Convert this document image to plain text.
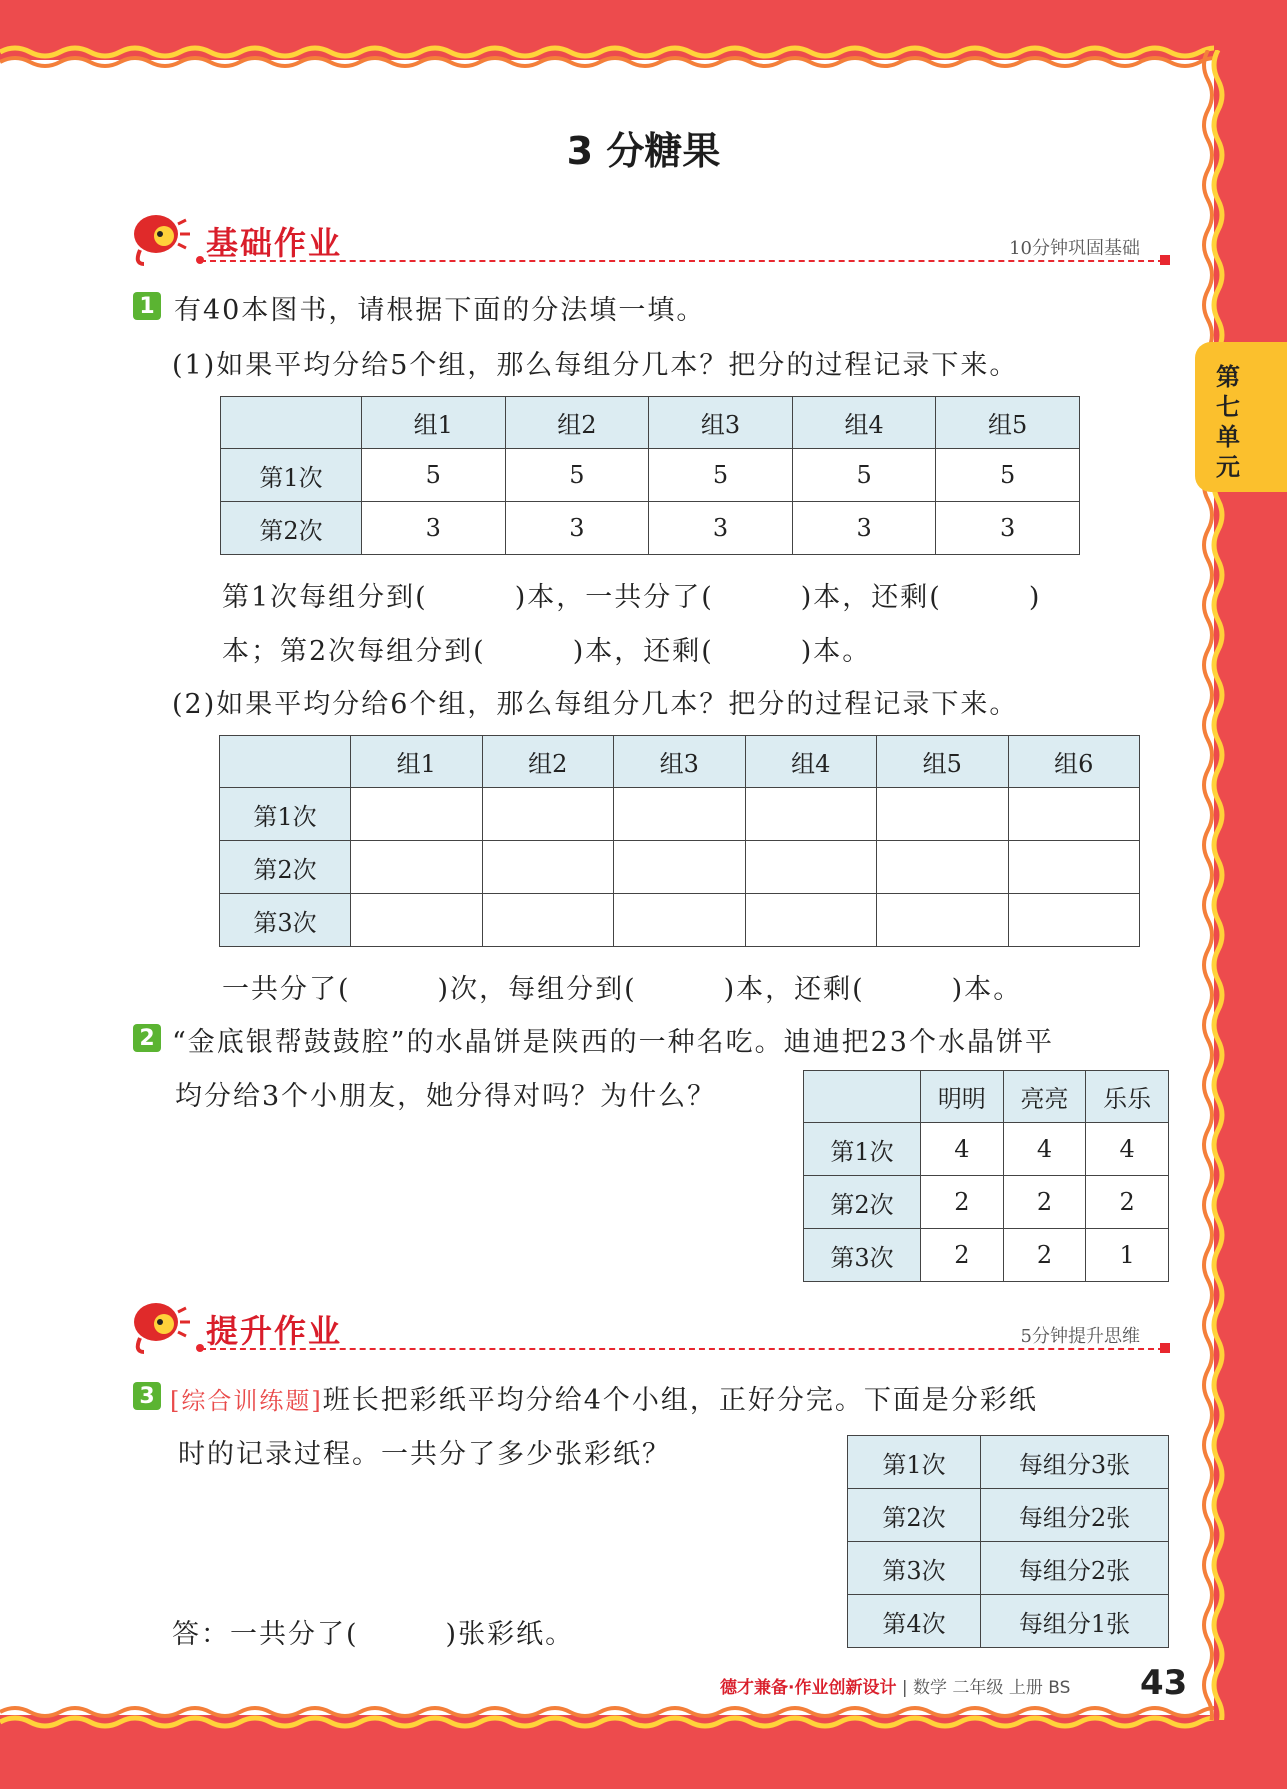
第七单元
3 分糖果
基础作业	10分钟巩固基础
1 有40本图书，请根据下面的分法填一填。
(1)如果平均分给5个组，那么每组分几本？把分的过程记录下来。
	组1	组2	组3	组4	组5
第1次	5	5	5	5	5
第2次	3	3	3	3	3
第1次每组分到(　　　)本，一共分了(　　　)本，还剩(　　　)
本；第2次每组分到(　　　)本，还剩(　　　)本。
(2)如果平均分给6个组，那么每组分几本？把分的过程记录下来。
	组1	组2	组3	组4	组5	组6
第1次						
第2次						
第3次						
一共分了(　　　)次，每组分到(　　　)本，还剩(　　　)本。
2 “金底银帮鼓鼓腔”的水晶饼是陕西的一种名吃。迪迪把23个水晶饼平
均分给3个小朋友，她分得对吗？为什么？
		明明	亮亮	乐乐
第1次	4	4	4
第2次	2	2	2
第3次	2	2	1
提升作业	5分钟提升思维
3 [综合训练题]班长把彩纸平均分给4个小组，正好分完。下面是分彩纸
时的记录过程。一共分了多少张彩纸？	第1次	每组分3张
第2次	每组分2张
第3次	每组分2张
第4次	每组分1张
答：一共分了(　　　)张彩纸。
德才兼备·作业创新设计 | 数学 二年级 上册 BS 43
